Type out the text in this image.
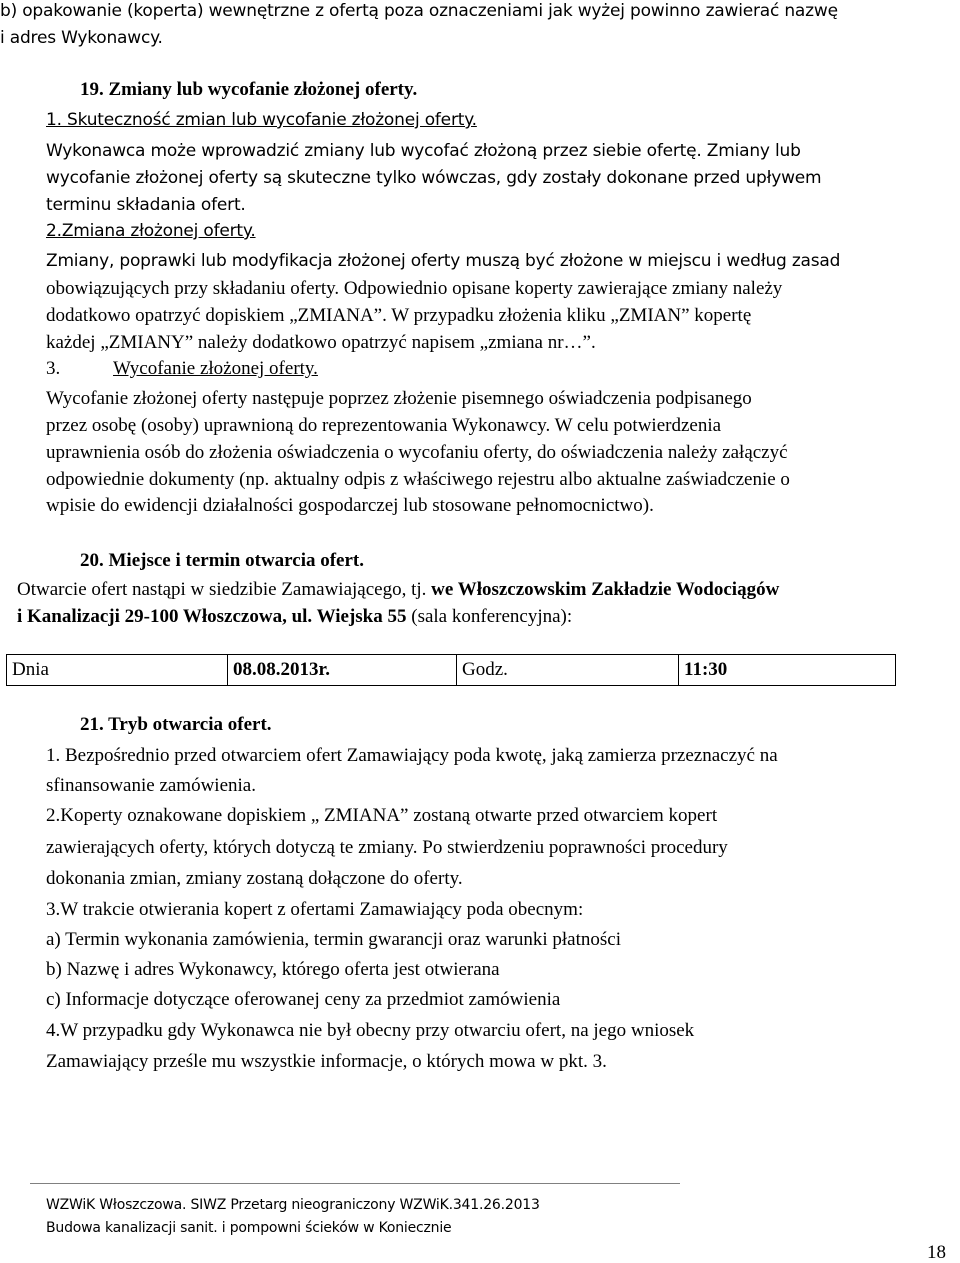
b) opakowanie (koperta) wewnętrzne z ofertą poza oznaczeniami jak wyżej powinno zawierać nazwę
i adres Wykonawcy.
19. Zmiany lub wycofanie złożonej oferty.
1. Skuteczność zmian lub wycofanie złożonej oferty.
Wykonawca może wprowadzić zmiany lub wycofać złożoną przez siebie ofertę. Zmiany lub
wycofanie złożonej oferty są skuteczne tylko wówczas, gdy zostały dokonane przed upływem
terminu składania ofert.
2.Zmiana złożonej oferty.
Zmiany, poprawki lub modyfikacja złożonej oferty muszą być złożone w miejscu i według zasad
obowiązujących przy składaniu oferty. Odpowiednio opisane koperty zawierające zmiany należy
dodatkowo opatrzyć dopiskiem „ZMIANA”. W przypadku złożenia kliku „ZMIAN” kopertę
każdej „ZMIANY” należy dodatkowo opatrzyć napisem „zmiana nr…”.
3.	Wycofanie złożonej oferty.
Wycofanie złożonej oferty następuje poprzez złożenie pisemnego oświadczenia podpisanego
przez osobę (osoby) uprawnioną do reprezentowania Wykonawcy. W celu potwierdzenia
uprawnienia osób do złożenia oświadczenia o wycofaniu oferty, do oświadczenia należy załączyć
odpowiednie dokumenty (np. aktualny odpis z właściwego rejestru albo aktualne zaświadczenie o
wpisie do ewidencji działalności gospodarczej lub stosowane pełnomocnictwo).
20. Miejsce i termin otwarcia ofert.
Otwarcie ofert nastąpi w siedzibie Zamawiającego, tj. we Włoszczowskim Zakładzie Wodociągów
i Kanalizacji 29-100 Włoszczowa, ul. Wiejska 55 (sala konferencyjna):
Dnia	08.08.2013r.	Godz.	11:30
21. Tryb otwarcia ofert.
1. Bezpośrednio przed otwarciem ofert Zamawiający poda kwotę, jaką zamierza przeznaczyć na
sfinansowanie zamówienia.
2.Koperty oznakowane dopiskiem „ ZMIANA” zostaną otwarte przed otwarciem kopert
zawierających oferty, których dotyczą te zmiany. Po stwierdzeniu poprawności procedury
dokonania zmian, zmiany zostaną dołączone do oferty.
3.W trakcie otwierania kopert z ofertami Zamawiający poda obecnym:
a) Termin wykonania zamówienia, termin gwarancji oraz warunki płatności
b) Nazwę i adres Wykonawcy, którego oferta jest otwierana
c) Informacje dotyczące oferowanej ceny za przedmiot zamówienia
4.W przypadku gdy Wykonawca nie był obecny przy otwarciu ofert, na jego wniosek
Zamawiający prześle mu wszystkie informacje, o których mowa w pkt. 3.
WZWiK Włoszczowa. SIWZ Przetarg nieograniczony WZWiK.341.26.2013
Budowa kanalizacji sanit. i pompowni ścieków w Koniecznie
18
